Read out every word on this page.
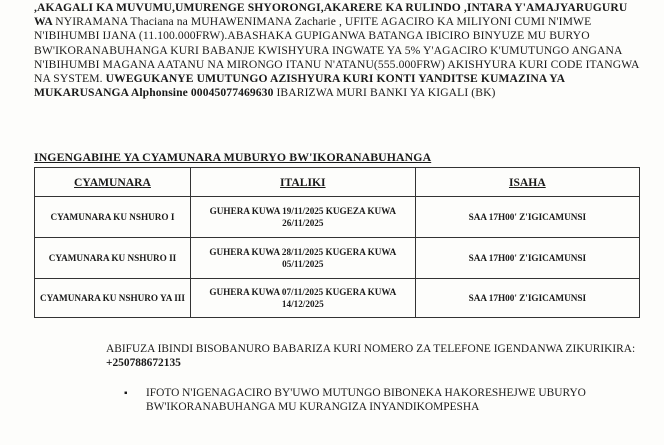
,AKAGALI KA MUVUMU,UMURENGE SHYORONGI,AKARERE KA RULINDO ,INTARA Y'AMAJYARUGURU WA NYIRAMANA Thaciana na MUHAWENIMANA Zacharie , UFITE AGACIRO KA MILIYONI CUMI N'IMWE N'IBIHUMBI IJANA (11.100.000FRW).ABASHAKA GUPIGANWA BATANGA IBICIRO BINYUZE MU BURYO BW'IKORANABUHANGA KURI BABANJE KWISHYURA INGWATE YA 5% Y'AGACIRO K'UMUTUNGO ANGANA N'IBIHUMBI MAGANA AATANU NA MIRONGO ITANU N'ATANU(555.000FRW) AKISHYURA KURI CODE ITANGWA NA SYSTEM. UWEGUKANYE UMUTUNGO AZISHYURA KURI KONTI YANDITSE KUMAZINA YA MUKARUSANGA Alphonsine 00045077469630 IBARIZWA MURI BANKI YA KIGALI (BK)

INGENGABIHE YA CYAMUNARA MUBURYO BW'IKORANABUHANGA

CYAMUNARA	ITALIKI	ISAHA
CYAMUNARA KU NSHURO I	GUHERA KUWA 19/11/2025 KUGEZA KUWA 26/11/2025	SAA 17H00' Z'IGICAMUNSI
CYAMUNARA KU NSHURO II	GUHERA KUWA 28/11/2025 KUGERA KUWA 05/11/2025	SAA 17H00' Z'IGICAMUNSI
CYAMUNARA KU NSHURO YA III	GUHERA KUWA 07/11/2025 KUGERA KUWA 14/12/2025	SAA 17H00' Z'IGICAMUNSI

ABIFUZA IBINDI BISOBANURO BABARIZA KURI NOMERO ZA TELEFONE IGENDANWA ZIKURIKIRA: +250788672135

▪ IFOTO N'IGENAGACIRO BY'UWO MUTUNGO BIBONEKA HAKORESHEJWE UBURYO BW'IKORANABUHANGA MU KURANGIZA INYANDIKOMPESHA
